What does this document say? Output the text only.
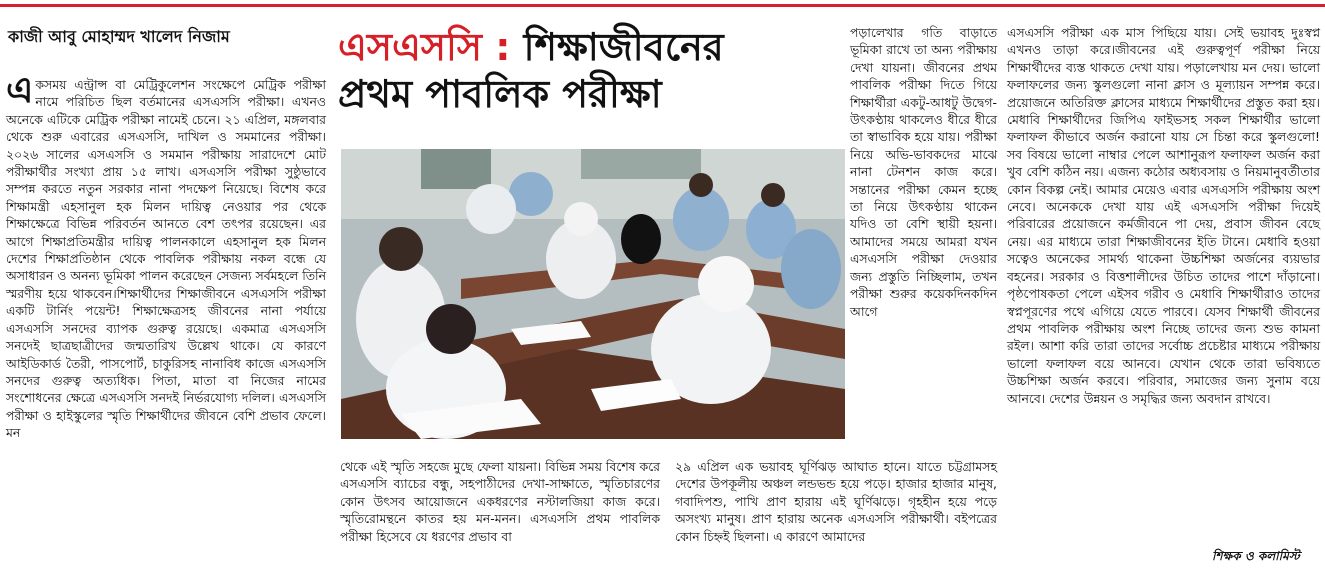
কাজী আবু মোহাম্মদ খালেদ নিজাম	এসএসসি : শিক্ষাজীবনের
প্রথম পাবলিক পরীক্ষা
একসময় এন্ট্রান্স বা মেট্রিকুলেশন সংক্ষেপে মেট্রিক পরীক্ষা নামে পরিচিত ছিল বর্তমানের এসএসসি পরীক্ষা। এখনও অনেকে এটিকে মেট্রিক পরীক্ষা নামেই চেনে। ২১ এপ্রিল, মঙ্গলবার থেকে শুরু এবারের এসএসসি, দাখিল ও সমমানের পরীক্ষা। ২০২৬ সালের এসএসসি ও সমমান পরীক্ষায় সারাদেশে মোট পরীক্ষার্থীর সংখ্যা প্রায় ১৫ লাখ। এসএসসি পরীক্ষা সুষ্ঠুভাবে সম্পন্ন করতে নতুন সরকার নানা পদক্ষেপ নিয়েছে। বিশেষ করে শিক্ষামন্ত্রী এহসানুল হক মিলন দায়িত্ব নেওয়ার পর থেকে শিক্ষাক্ষেত্রে বিভিন্ন পরিবর্তন আনতে বেশ তৎপর রয়েছেন। এর আগে শিক্ষাপ্রতিমন্ত্রীর দায়িত্ব পালনকালে এহসানুল হক মিলন দেশের শিক্ষাপ্রতিষ্ঠান থেকে পাবলিক পরীক্ষায় নকল বন্ধে যে অসাধারন ও অনন্য ভূমিকা পালন করেছেন সেজন্য সর্বমহলে তিনি স্মরণীয় হয়ে থাকবেন।শিক্ষার্থীদের শিক্ষাজীবনে এসএসসি পরীক্ষা একটি টার্নিং পয়েন্ট! শিক্ষাক্ষেত্রসহ জীবনের নানা পর্যায়ে এসএসসি সনদের ব্যাপক গুরুত্ব রয়েছে। একমাত্র এসএসসি সনদেই ছাত্রছাত্রীদের জন্মতারিখ উল্লেখ থাকে। যে কারণে আইডিকার্ড তৈরী, পাসপোর্ট, চাকুরিসহ নানাবিধ কাজে এসএসসি সনদের গুরুত্ব অত্যধিক। পিতা, মাতা বা নিজের নামের সংশোধনের ক্ষেত্রে এসএসসি সনদই নির্ভরযোগ্য দলিল। এসএসসি পরীক্ষা ও হাইস্কুলের স্মৃতি শিক্ষার্থীদের জীবনে বেশি প্রভাব ফেলে। মন

থেকে এই স্মৃতি সহজে মুছে ফেলা যায়না। বিভিন্ন সময় বিশেষ করে এসএসসি ব্যাচের বন্ধু, সহপাঠীদের দেখা-সাক্ষাতে, স্মৃতিচারণের কোন উৎসব আয়োজনে একধরণের নস্টালজিয়া কাজ করে। স্মৃতিরোমন্থনে কাতর হয় মন-মনন। এসএসসি প্রথম পাবলিক পরীক্ষা হিসেবে যে ধরণের প্রভাব বা

পড়ালেখার গতি বাড়াতে ভূমিকা রাখে তা অন্য পরীক্ষায় দেখা যায়না। জীবনের প্রথম পাবলিক পরীক্ষা দিতে গিয়ে শিক্ষার্থীরা একটু-আধটু উদ্বেগ-উৎকণ্ঠায় থাকলেও ধীরে ধীরে তা স্বাভাবিক হয়ে যায়। পরীক্ষা নিয়ে অভি-ভাবকদের মাঝে নানা টেনশন কাজ করে। সন্তানের পরীক্ষা কেমন হচ্ছে তা নিয়ে উৎকণ্ঠায় থাকেন যদিও তা বেশি স্থায়ী হয়না। আমাদের সময়ে আমরা যখন এসএসসি পরীক্ষা দেওয়ার জন্য প্রস্তুতি নিচ্ছিলাম, তখন পরীক্ষা শুরুর কয়েকদিনকদিন আগে

২৯ এপ্রিল এক ভয়াবহ ঘূর্ণিঝড় আঘাত হানে। যাতে চট্টগ্রামসহ দেশের উপকূলীয় অঞ্চল লন্ডভন্ড হয়ে পড়ে। হাজার হাজার মানুষ, গবাদিপশু, পাখি প্রাণ হারায় এই ঘূর্ণিঝড়ে। গৃহহীন হয়ে পড়ে অসংখ্য মানুষ। প্রাণ হারায় অনেক এসএসসি পরীক্ষার্থী। বইপত্রের কোন চিহ্নই ছিলনা। এ কারণে আমাদের

এসএসসি পরীক্ষা এক মাস পিছিয়ে যায়। সেই ভয়াবহ দুঃস্বপ্ন এখনও তাড়া করে।জীবনের এই গুরুত্বপূর্ণ পরীক্ষা নিয়ে শিক্ষার্থীদের ব্যস্ত থাকতে দেখা যায়। পড়ালেখায় মন দেয়। ভালো ফলাফলের জন্য স্কুলগুলো নানা ক্লাস ও মূল্যায়ন সম্পন্ন করে। প্রয়োজনে অতিরিক্ত ক্লাসের মাধ্যমে শিক্ষার্থীদের প্রস্তুত করা হয়। মেধাবি শিক্ষার্থীদের জিপিএ ফাইভসহ সকল শিক্ষার্থীর ভালো ফলাফল কীভাবে অর্জন করানো যায় সে চিন্তা করে স্কুলগুলো! সব বিষয়ে ভালো নাম্বার পেলে আশানুরূপ ফলাফল অর্জন করা খুব বেশি কঠিন নয়। এজন্য কঠোর অধ্যবসায় ও নিয়মানুবর্তীতার কোন বিকল্প নেই। আমার মেয়েও এবার এসএসসি পরীক্ষায় অংশ নেবে। অনেককে দেখা যায় এই এসএসসি পরীক্ষা দিয়েই পরিবারের প্রয়োজনে কর্মজীবনে পা দেয়, প্রবাস জীবন বেছে নেয়। এর মাধ্যমে তারা শিক্ষাজীবনের ইতি টানে। মেধাবি হওয়া সত্বেও অনেকের সামর্থ্য থাকেনা উচ্চশিক্ষা অর্জনের ব্যয়ভার বহনের। সরকার ও বিত্তশালীদের উচিত তাদের পাশে দাঁড়ানো। পৃষ্ঠপোষকতা পেলে এইসব গরীব ও মেধাবি শিক্ষার্থীরাও তাদের স্বপ্নপূরণের পথে এগিয়ে যেতে পারবে। যেসব শিক্ষার্থী জীবনের প্রথম পাবলিক পরীক্ষায় অংশ নিচ্ছে তাদের জন্য শুভ কামনা রইল। আশা করি তারা তাদের সর্বোচ্চ প্রচেষ্টার মাধ্যমে পরীক্ষায় ভালো ফলাফল বয়ে আনবে। যেখান থেকে তারা ভবিষ্যতে উচ্চশিক্ষা অর্জন করবে। পরিবার, সমাজের জন্য সুনাম বয়ে আনবে। দেশের উন্নয়ন ও সমৃদ্ধির জন্য অবদান রাখবে।

শিক্ষক ও কলামিস্ট
